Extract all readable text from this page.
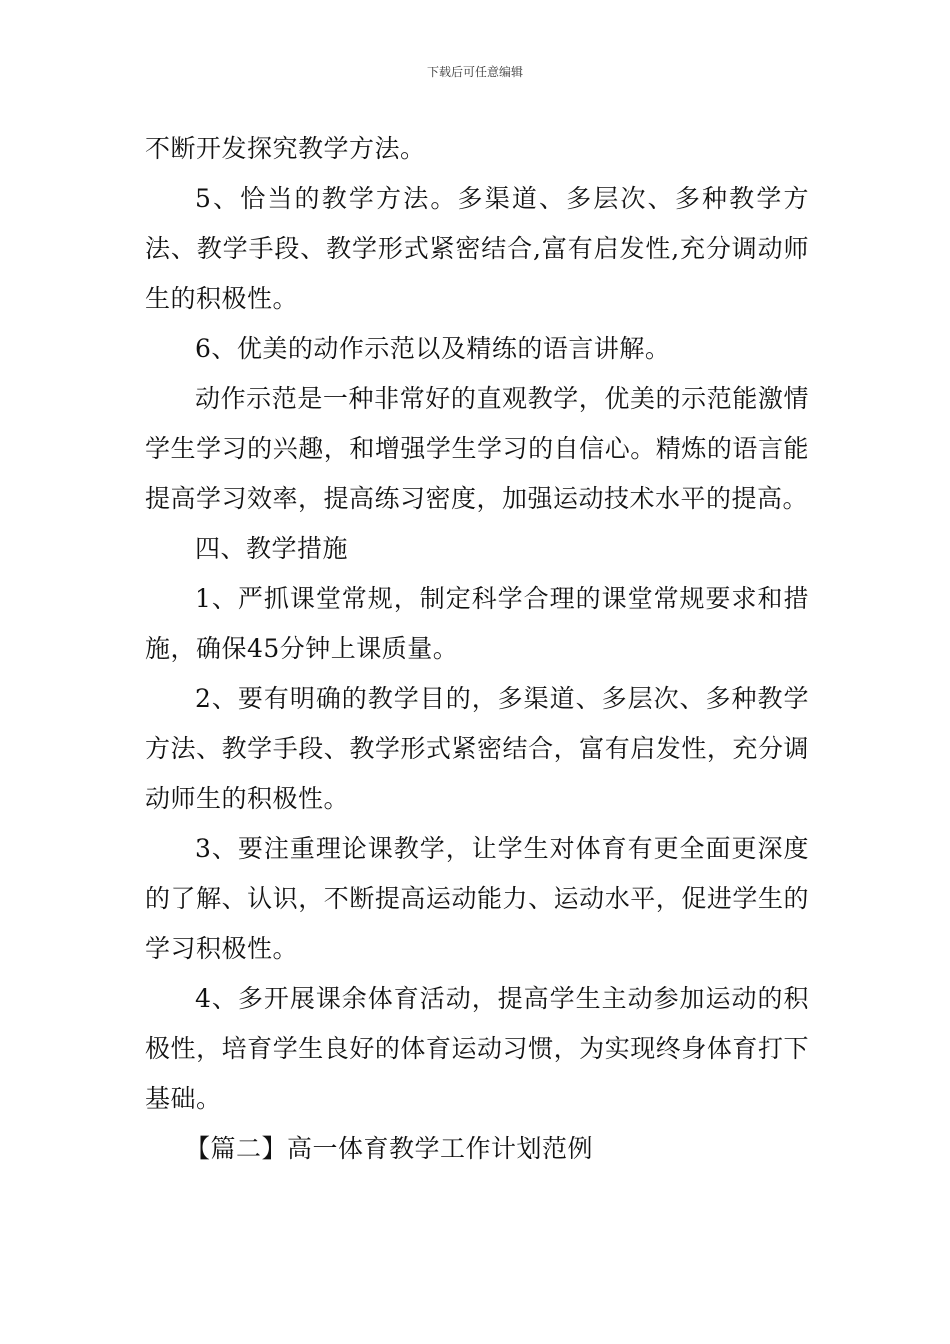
下载后可任意编辑

不断开发探究教学方法。

5、恰当的教学方法。多渠道、多层次、多种教学方法、教学手段、教学形式紧密结合,富有启发性,充分调动师生的积极性。

6、优美的动作示范以及精练的语言讲解。

动作示范是一种非常好的直观教学，优美的示范能激情学生学习的兴趣，和增强学生学习的自信心。精炼的语言能提高学习效率，提高练习密度，加强运动技术水平的提高。

四、教学措施

1、严抓课堂常规，制定科学合理的课堂常规要求和措施，确保45分钟上课质量。

2、要有明确的教学目的，多渠道、多层次、多种教学方法、教学手段、教学形式紧密结合，富有启发性，充分调动师生的积极性。

3、要注重理论课教学，让学生对体育有更全面更深度的了解、认识，不断提高运动能力、运动水平，促进学生的学习积极性。

4、多开展课余体育活动，提高学生主动参加运动的积极性，培育学生良好的体育运动习惯，为实现终身体育打下基础。

【篇二】高一体育教学工作计划范例
